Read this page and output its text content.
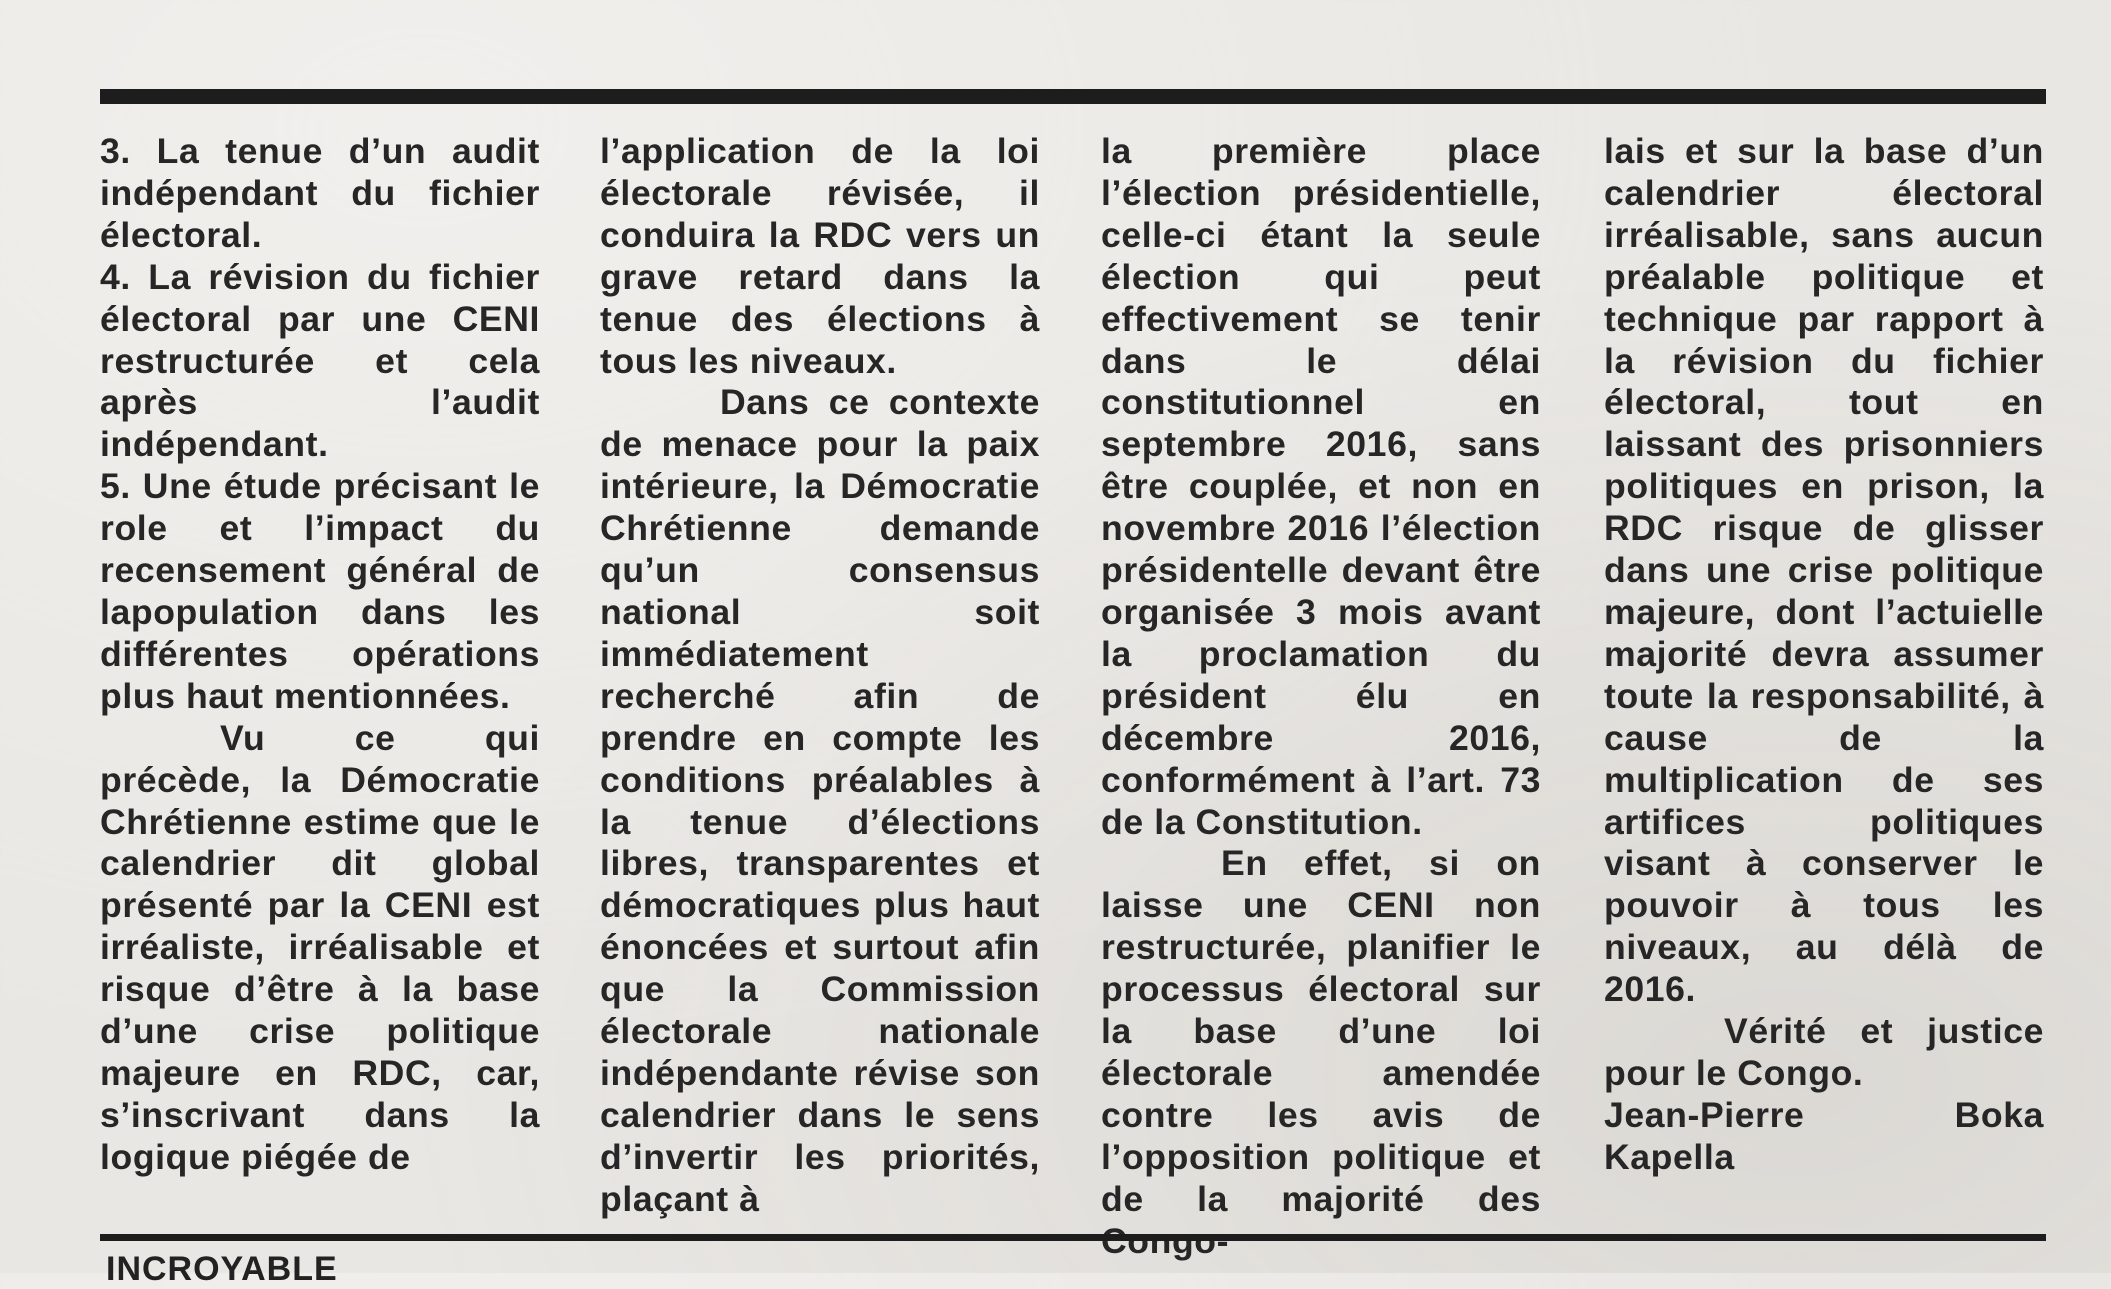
3. La tenue d’un audit indépendant du fichier électoral.

4. La révision du fichier électoral par une CENI restructurée et cela après l’audit indépendant.

5. Une étude précisant le role et l’impact du recensement général de lapopulation dans les différentes opérations plus haut mentionnées.

Vu ce qui précède, la Démocratie Chrétienne estime que le calendrier dit global présenté par la CENI est irréaliste, irréalisable et risque d’être à la base d’une crise politique majeure en RDC, car, s’inscrivant dans la logique piégée de

l’application de la loi électorale révisée, il conduira la RDC vers un grave retard dans la tenue des élections à tous les niveaux.

Dans ce contexte de menace pour la paix intérieure, la Démocratie Chrétienne demande qu’un consensus national soit immédiatement recherché afin de prendre en compte les conditions préalables à la tenue d’élections libres, transparentes et démocratiques plus haut énoncées et surtout afin que la Commission électorale nationale indépendante révise son calendrier dans le sens d’invertir les priorités, plaçant à

la première place l’élection présidentielle, celle-ci étant la seule élection qui peut effectivement se tenir dans le délai constitutionnel en septembre 2016, sans être couplée, et non en novembre 2016 l’élection présidentelle devant être organisée 3 mois avant la proclamation du président élu en décembre 2016, conformément à l’art. 73 de la Constitution.

En effet, si on laisse une CENI non restructurée, planifier le processus électoral sur la base d’une loi électorale amendée contre les avis de l’opposition politique et de la majorité des

lais et sur la base d’un calendrier électoral irréalisable, sans aucun préalable politique et technique par rapport à la révision du fichier électoral, tout en laissant des prisonniers politiques en prison, la RDC risque de glisser dans une crise politique majeure, dont l’actuielle majorité devra assumer toute la responsabilité, à cause de la multiplication de ses artifices politiques visant à conserver le pouvoir à tous les niveaux, au délà de 2016.

Vérité et justice pour le Congo.

Jean-Pierre Boka Kapella

INCROYABLE
